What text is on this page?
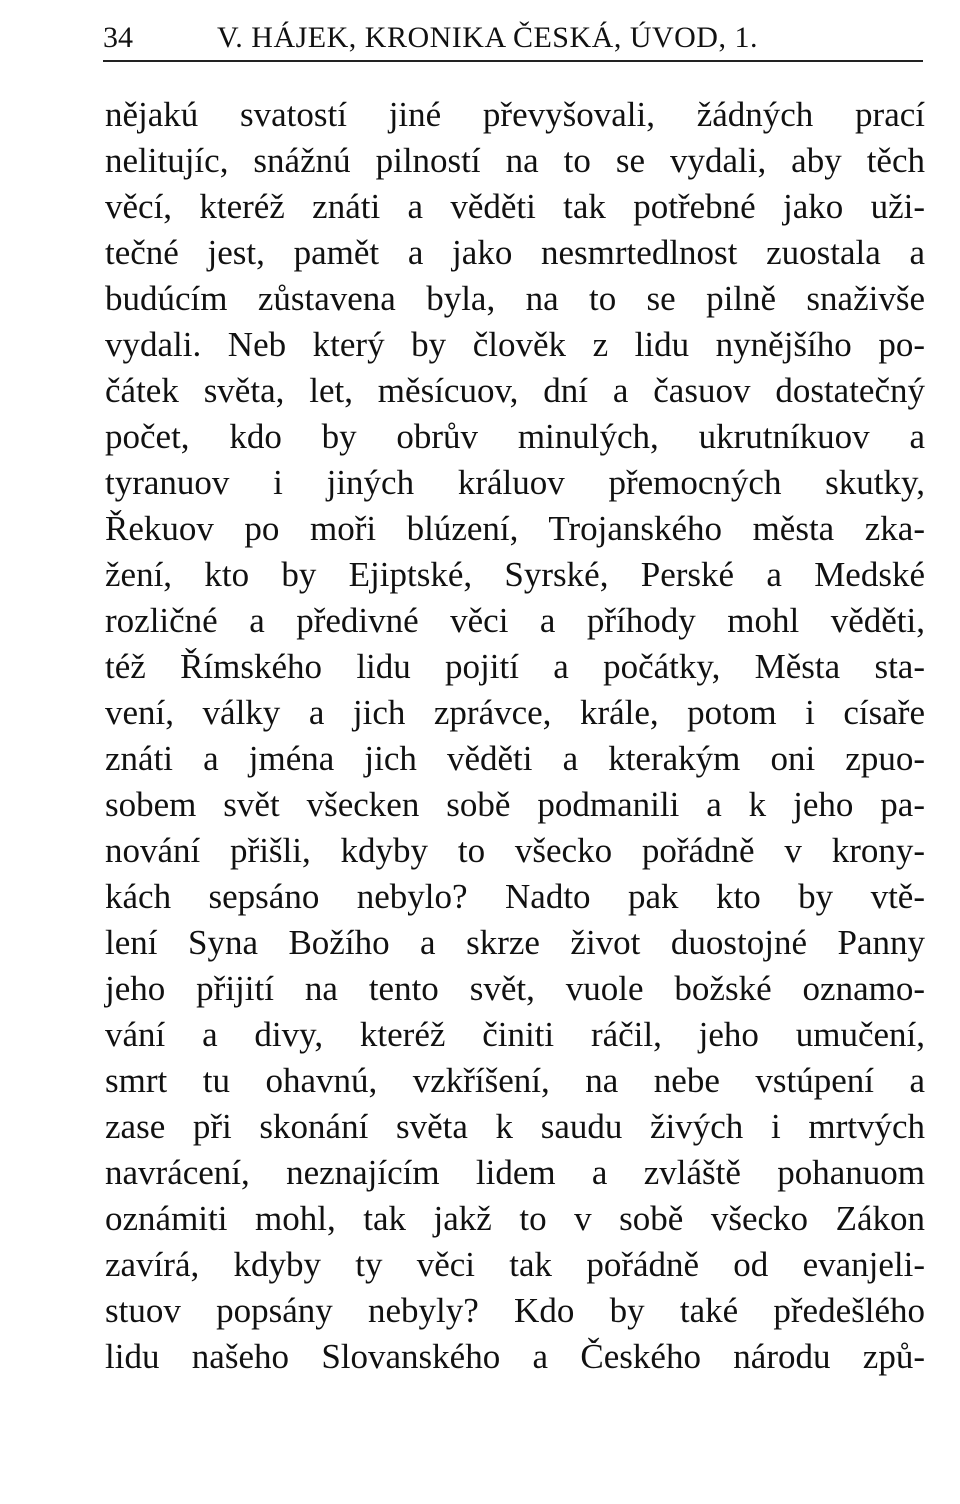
34	V. HÁJEK, KRONIKA ČESKÁ, ÚVOD, 1.
nějakú svatostí jiné převyšovali, žádných prací
nelitujíc, snážnú pilností na to se vydali, aby těch
věcí, kteréž znáti a věděti tak potřebné jako uži-
tečné jest, pamět a jako nesmrtedlnost zuostala a
budúcím zůstavena byla, na to se pilně snaživše
vydali. Neb který by člověk z lidu nynějšího po-
čátek světa, let, měsícuov, dní a časuov dostatečný
počet, kdo by obrův minulých, ukrutníkuov a
tyranuov i jiných králuov přemocných skutky,
Řekuov po moři blúzení, Trojanského města zka-
žení, kto by Ejiptské, Syrské, Perské a Medské
rozličné a předivné věci a příhody mohl věděti,
též Římského lidu pojití a počátky, Města sta-
vení, války a jich zprávce, krále, potom i císaře
znáti a jména jich věděti a kterakým oni zpuo-
sobem svět všecken sobě podmanili a k jeho pa-
nování přišli, kdyby to všecko pořádně v krony-
kách sepsáno nebylo? Nadto pak kto by vtě-
lení Syna Božího a skrze život duostojné Panny
jeho přijití na tento svět, vuole božské oznamo-
vání a divy, kteréž činiti ráčil, jeho umučení,
smrt tu ohavnú, vzkříšení, na nebe vstúpení a
zase při skonání světa k saudu živých i mrtvých
navrácení, neznajícím lidem a zvláště pohanuom
oznámiti mohl, tak jakž to v sobě všecko Zákon
zavírá, kdyby ty věci tak pořádně od evanjeli-
stuov popsány nebyly? Kdo by také předešlého
lidu našeho Slovanského a Českého národu způ-
